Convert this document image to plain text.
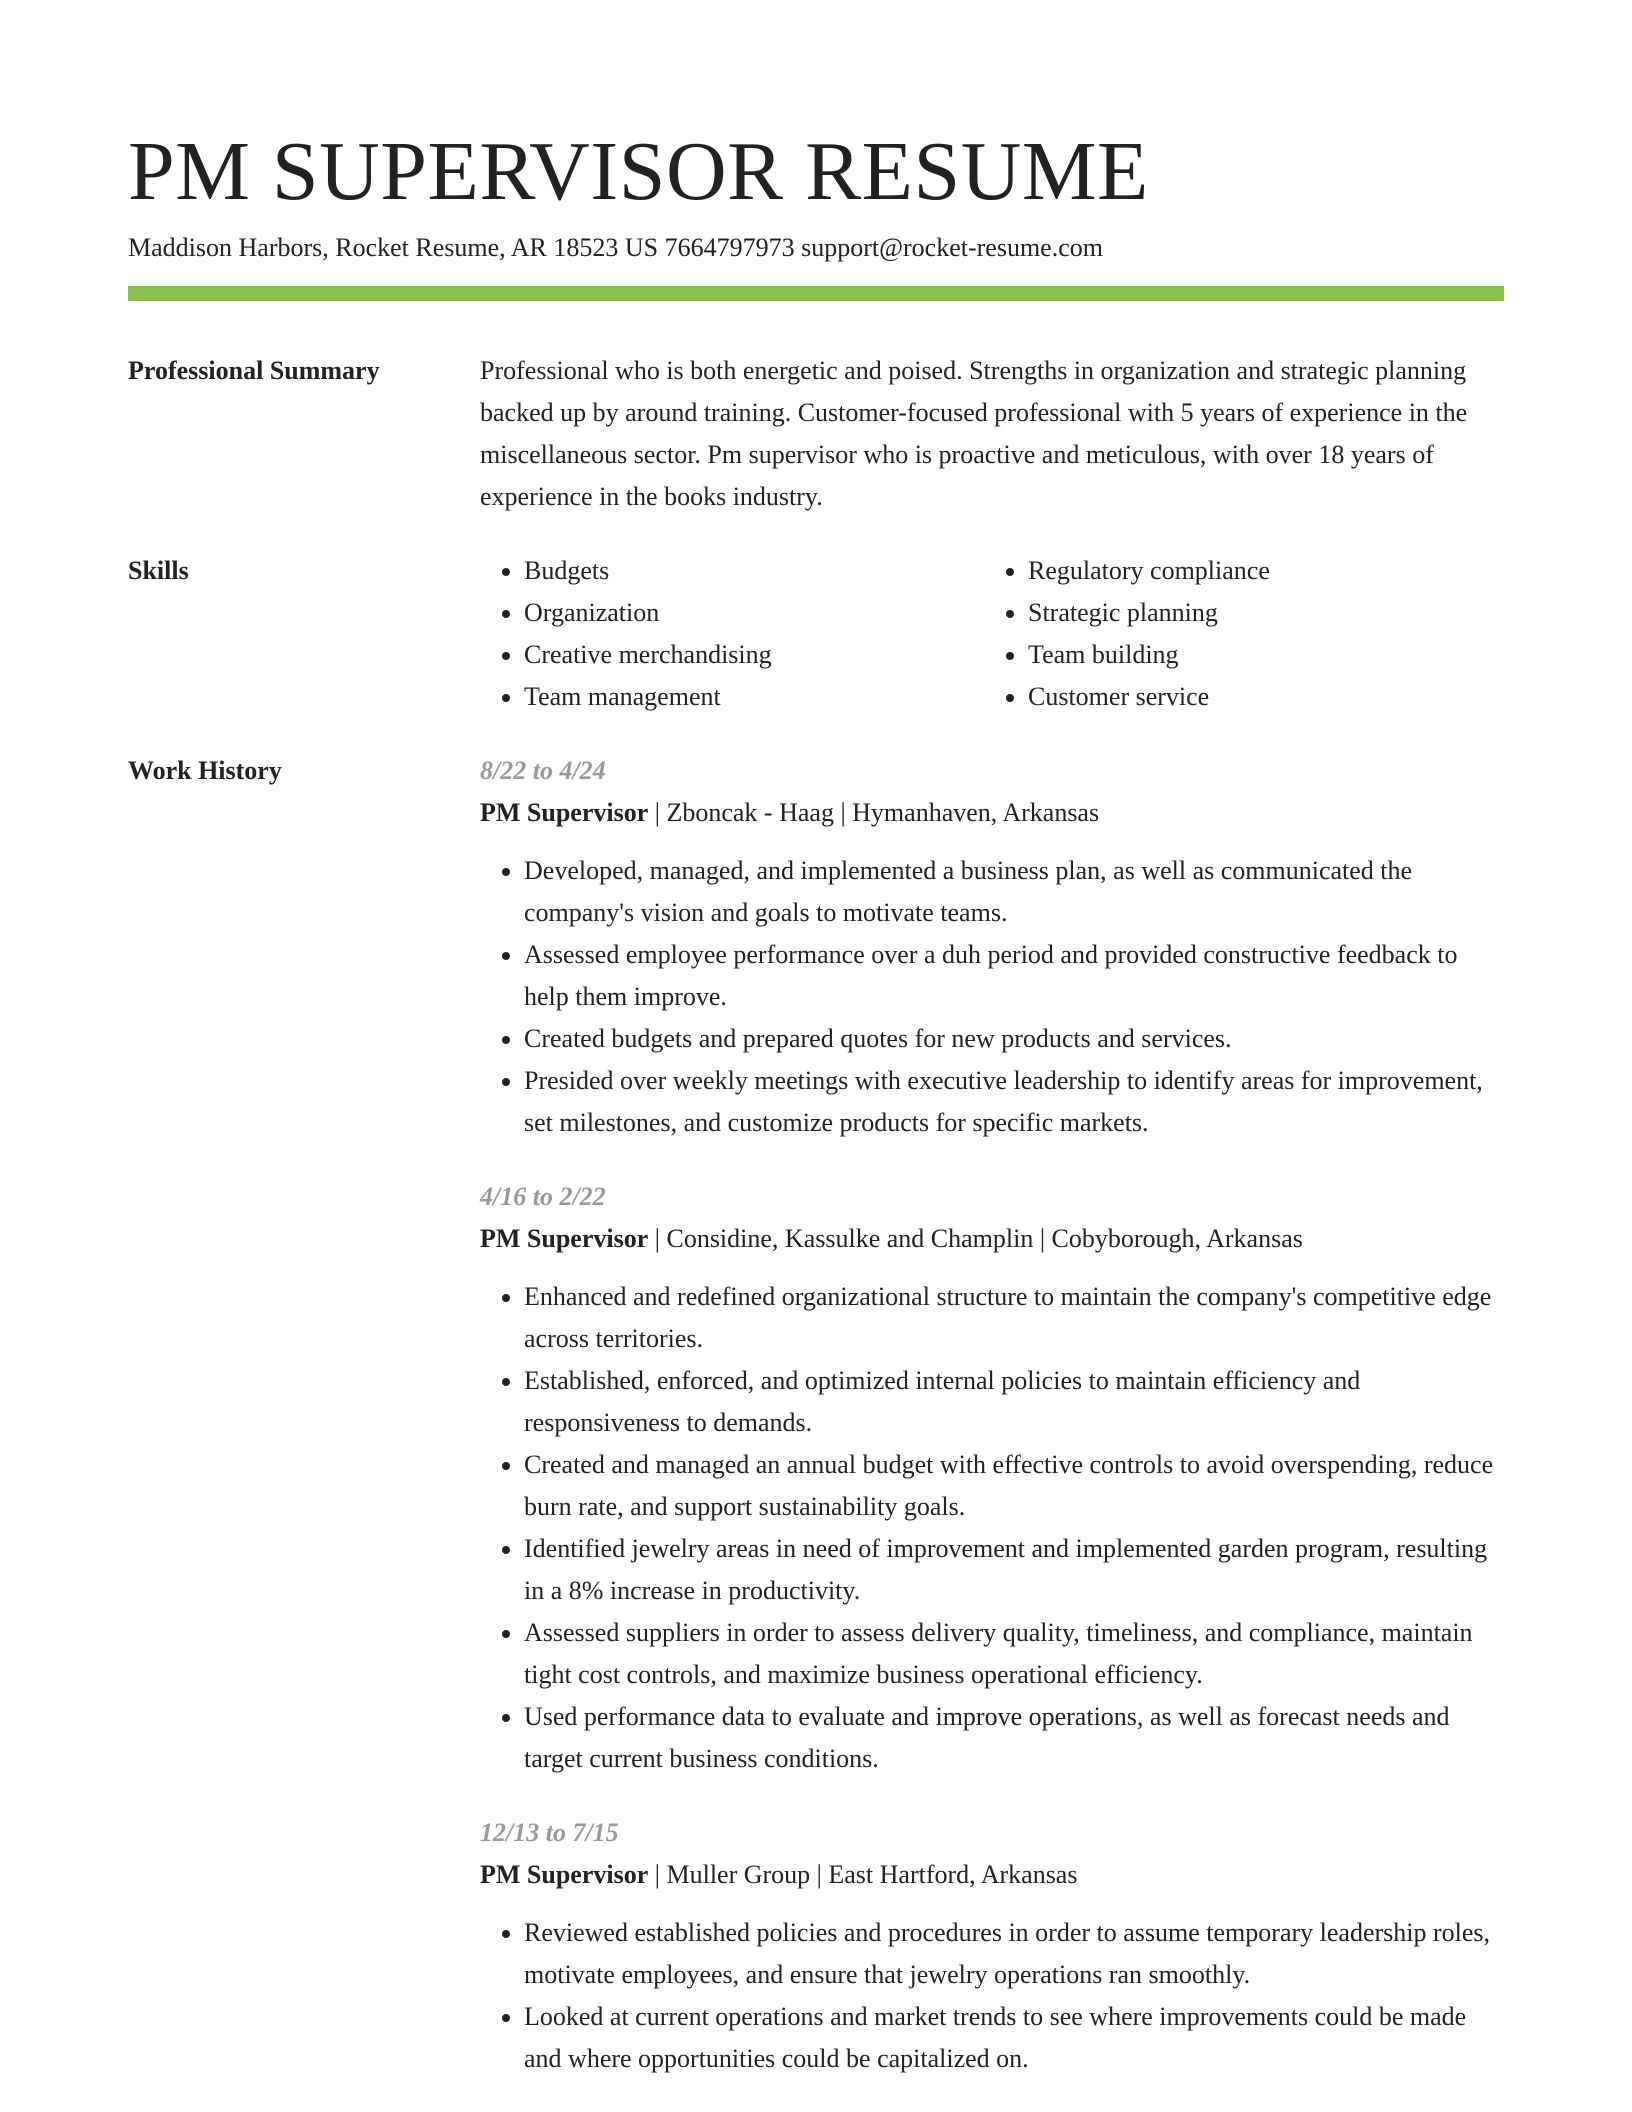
PM SUPERVISOR RESUME
Maddison Harbors, Rocket Resume, AR 18523 US 7664797973 support@rocket-resume.com
Professional Summary	Professional who is both energetic and poised. Strengths in organization and strategic planning backed up by around training. Customer-focused professional with 5 years of experience in the miscellaneous sector. Pm supervisor who is proactive and meticulous, with over 18 years of experience in the books industry.

Skills
•	Budgets
• Organization
• Creative merchandising
• Team management
• Regulatory compliance
• Strategic planning
• Team building
• Customer service
Work History	8/22 to 4/24
PM Supervisor | Zboncak - Haag | Hymanhaven, Arkansas
• Developed, managed, and implemented a business plan, as well as communicated the company's vision and goals to motivate teams.
• Assessed employee performance over a duh period and provided constructive feedback to help them improve.
• Created budgets and prepared quotes for new products and services.
• Presided over weekly meetings with executive leadership to identify areas for improvement, set milestones, and customize products for specific markets.
4/16 to 2/22
PM Supervisor | Considine, Kassulke and Champlin | Cobyborough, Arkansas
• Enhanced and redefined organizational structure to maintain the company's competitive edge across territories.
• Established, enforced, and optimized internal policies to maintain efficiency and responsiveness to demands.
• Created and managed an annual budget with effective controls to avoid overspending, reduce burn rate, and support sustainability goals.
• Identified jewelry areas in need of improvement and implemented garden program, resulting in a 8% increase in productivity.
• Assessed suppliers in order to assess delivery quality, timeliness, and compliance, maintain tight cost controls, and maximize business operational efficiency.
• Used performance data to evaluate and improve operations, as well as forecast needs and target current business conditions.
12/13 to 7/15
PM Supervisor | Muller Group | East Hartford, Arkansas
• Reviewed established policies and procedures in order to assume temporary leadership roles, motivate employees, and ensure that jewelry operations ran smoothly.
• Looked at current operations and market trends to see where improvements could be made and where opportunities could be capitalized on.
